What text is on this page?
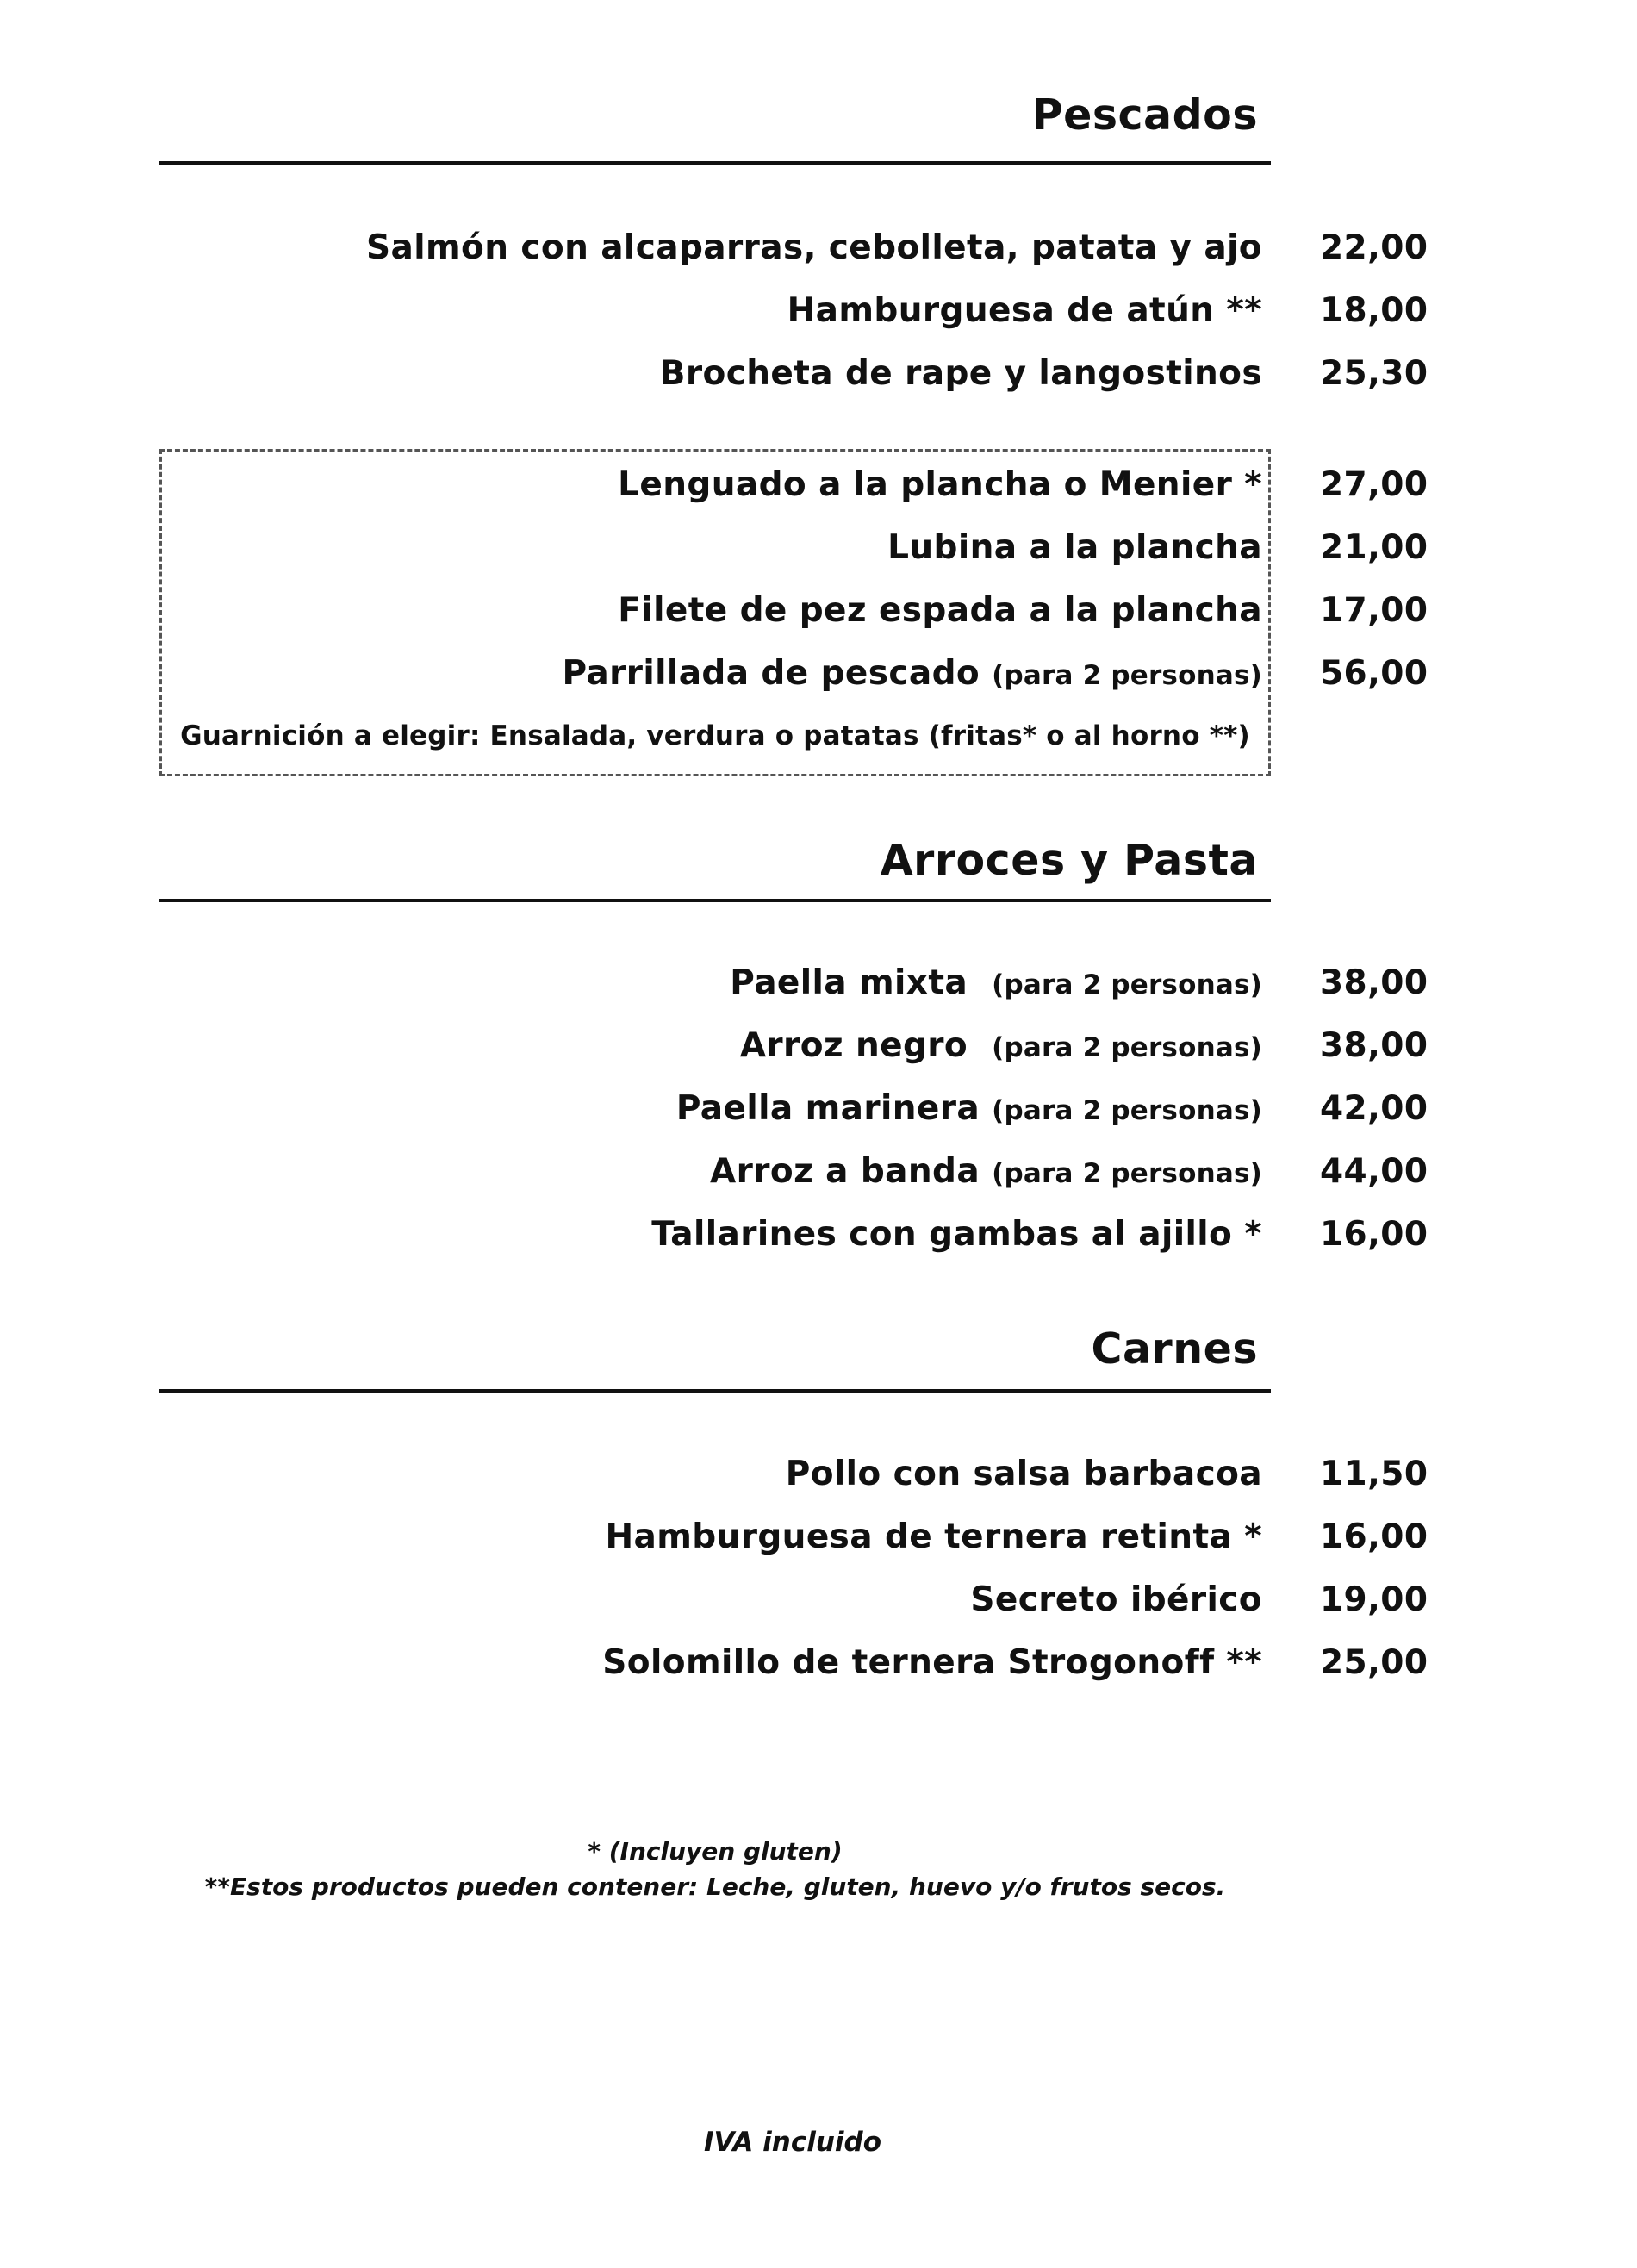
Pescados
Salmón con alcaparras, cebolleta, patata y ajo 22,00
Hamburguesa de atún ** 18,00
Brocheta de rape y langostinos 25,30
Lenguado a la plancha o Menier * 27,00
Lubina a la plancha 21,00
Filete de pez espada a la plancha 17,00
Parrillada de pescado (para 2 personas) 56,00
Guarnición a elegir: Ensalada, verdura o patatas (fritas* o al horno **)
Arroces y Pasta
Paella mixta (para 2 personas) 38,00
Arroz negro (para 2 personas) 38,00
Paella marinera (para 2 personas) 42,00
Arroz a banda (para 2 personas) 44,00
Tallarines con gambas al ajillo * 16,00
Carnes
Pollo con salsa barbacoa 11,50
Hamburguesa de ternera retinta * 16,00
Secreto ibérico 19,00
Solomillo de ternera Strogonoff ** 25,00
* (Incluyen gluten)
**Estos productos pueden contener: Leche, gluten, huevo y/o frutos secos.
IVA incluido
